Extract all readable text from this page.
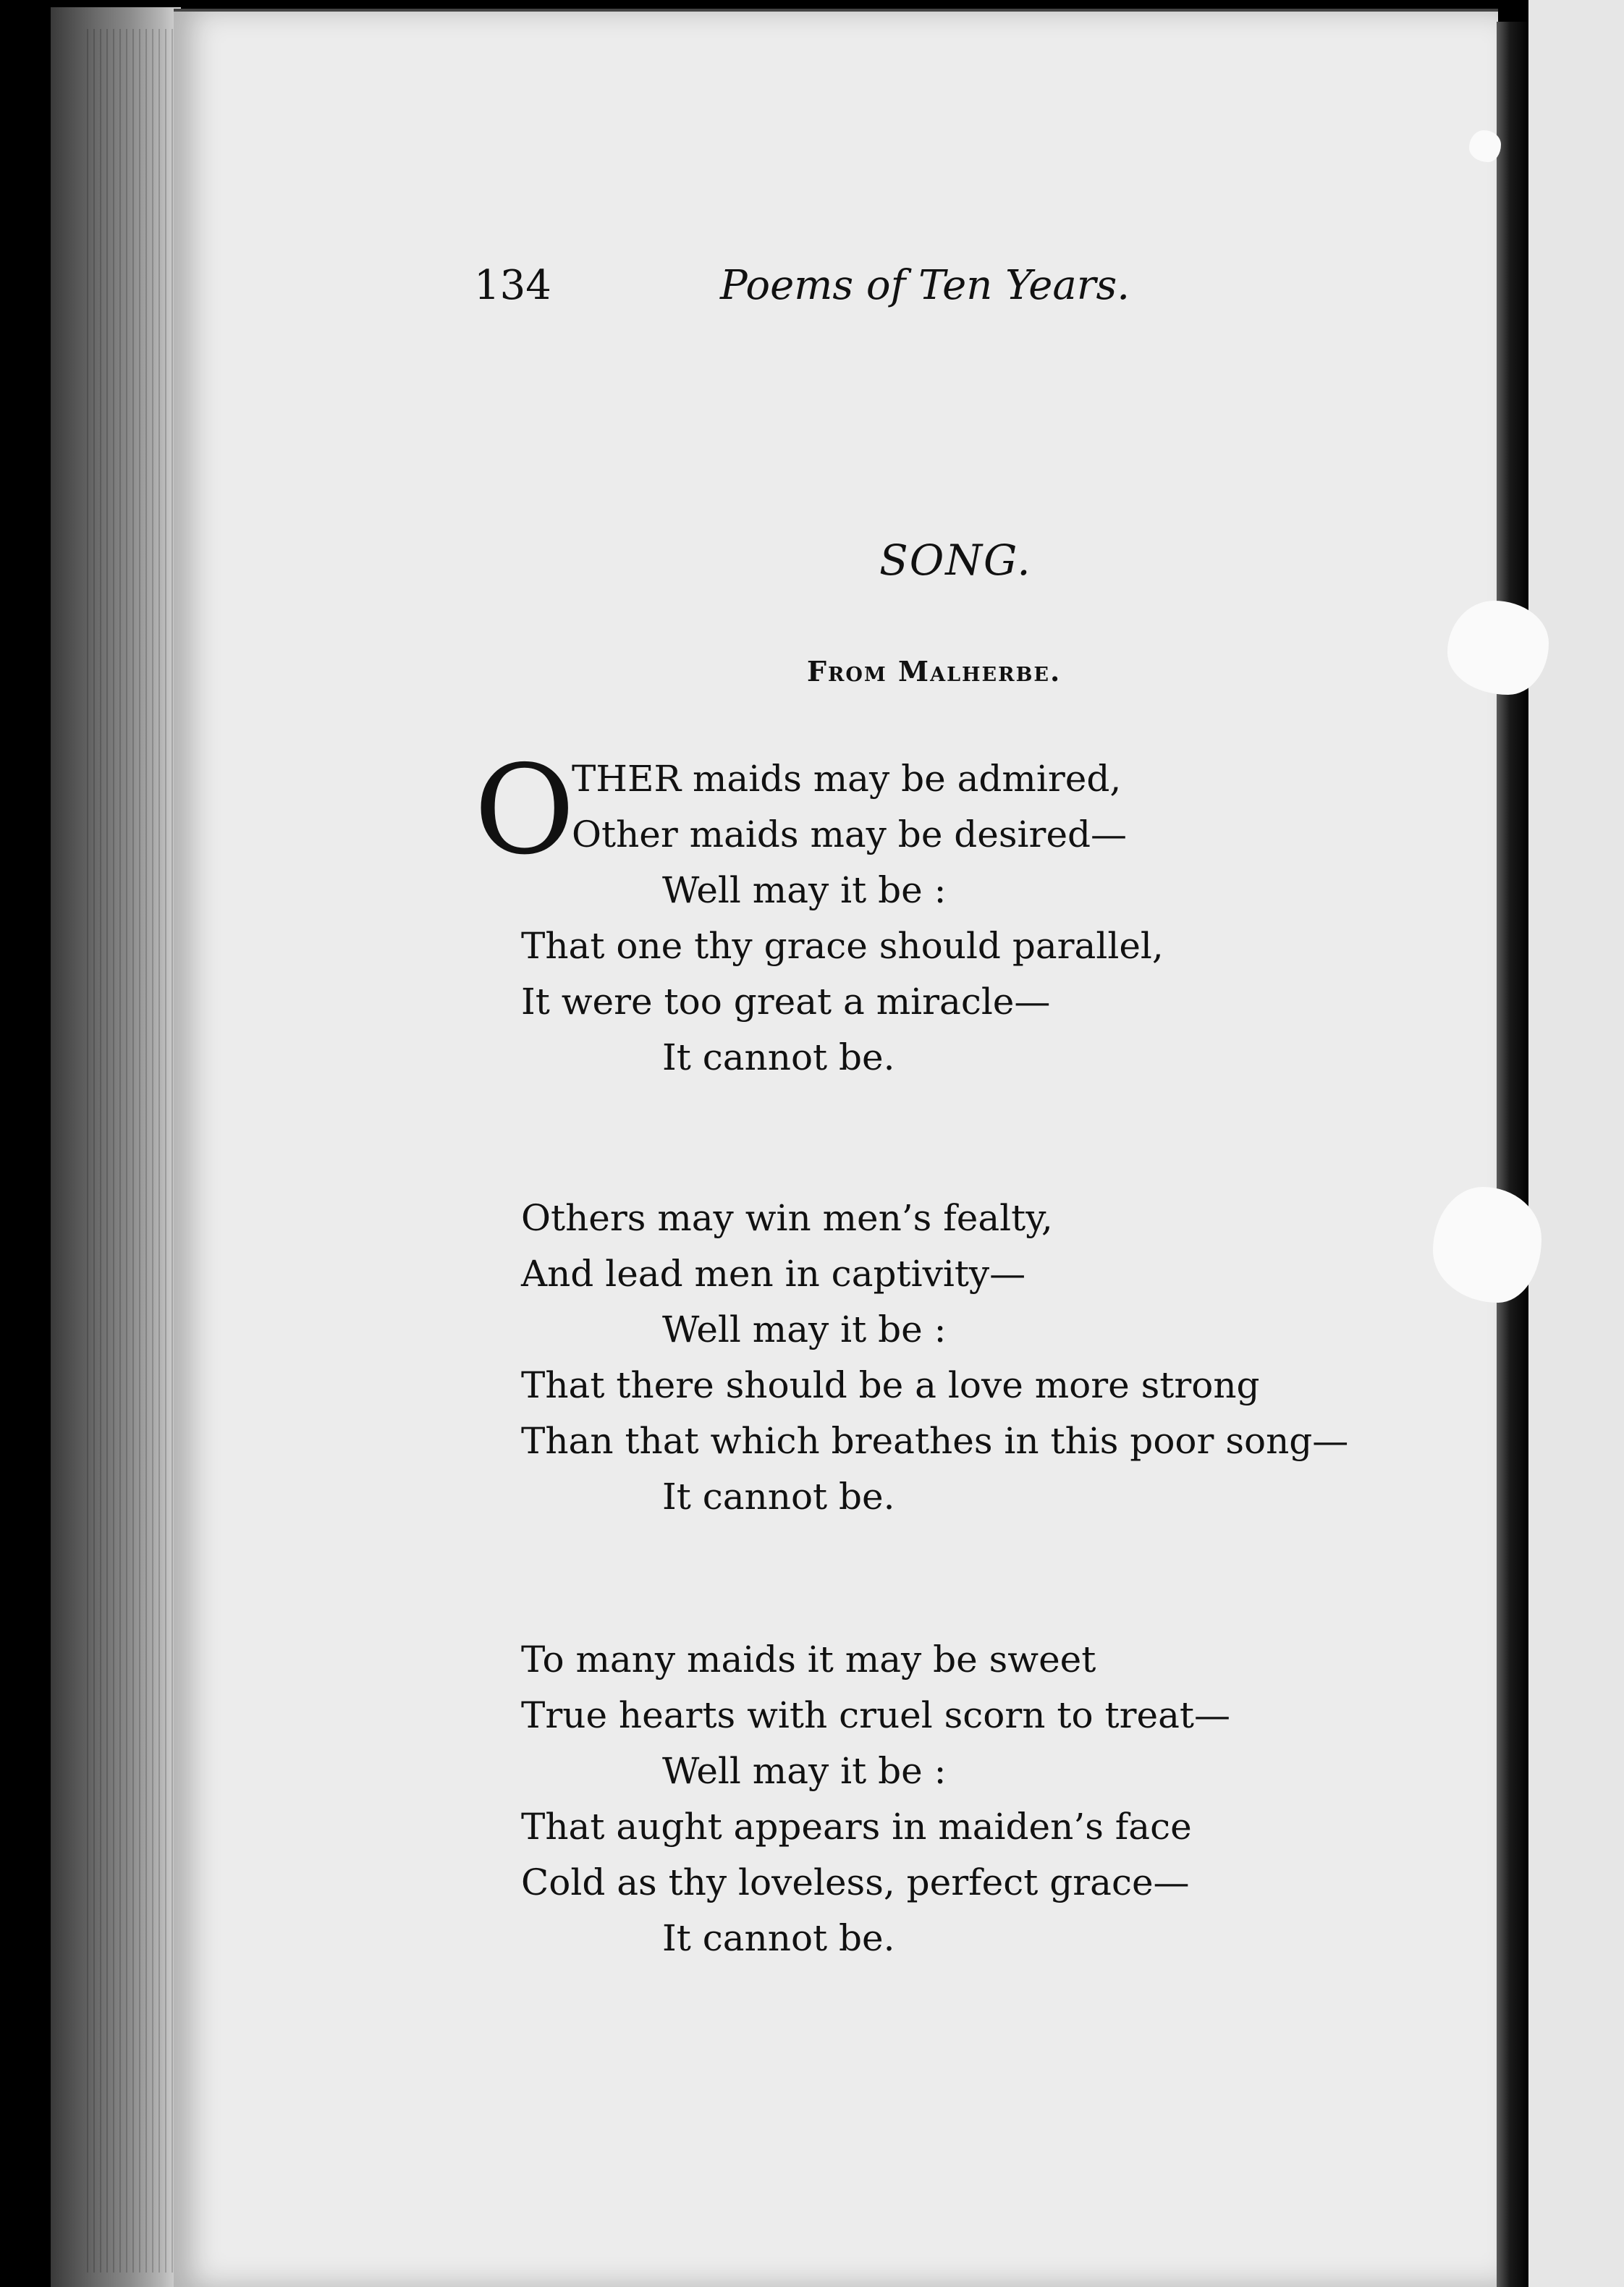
134	Poems of Ten Years.
SONG.
From Malherbe.
O
THER maids may be admired,
Other maids may be desired—
Well may it be :
That one thy grace should parallel,
It were too great a miracle—
It cannot be.
Others may win men’s fealty,
And lead men in captivity—
Well may it be :
That there should be a love more strong
Than that which breathes in this poor song—
It cannot be.
To many maids it may be sweet
True hearts with cruel scorn to treat—
Well may it be :
That aught appears in maiden’s face
Cold as thy loveless, perfect grace—
It cannot be.
